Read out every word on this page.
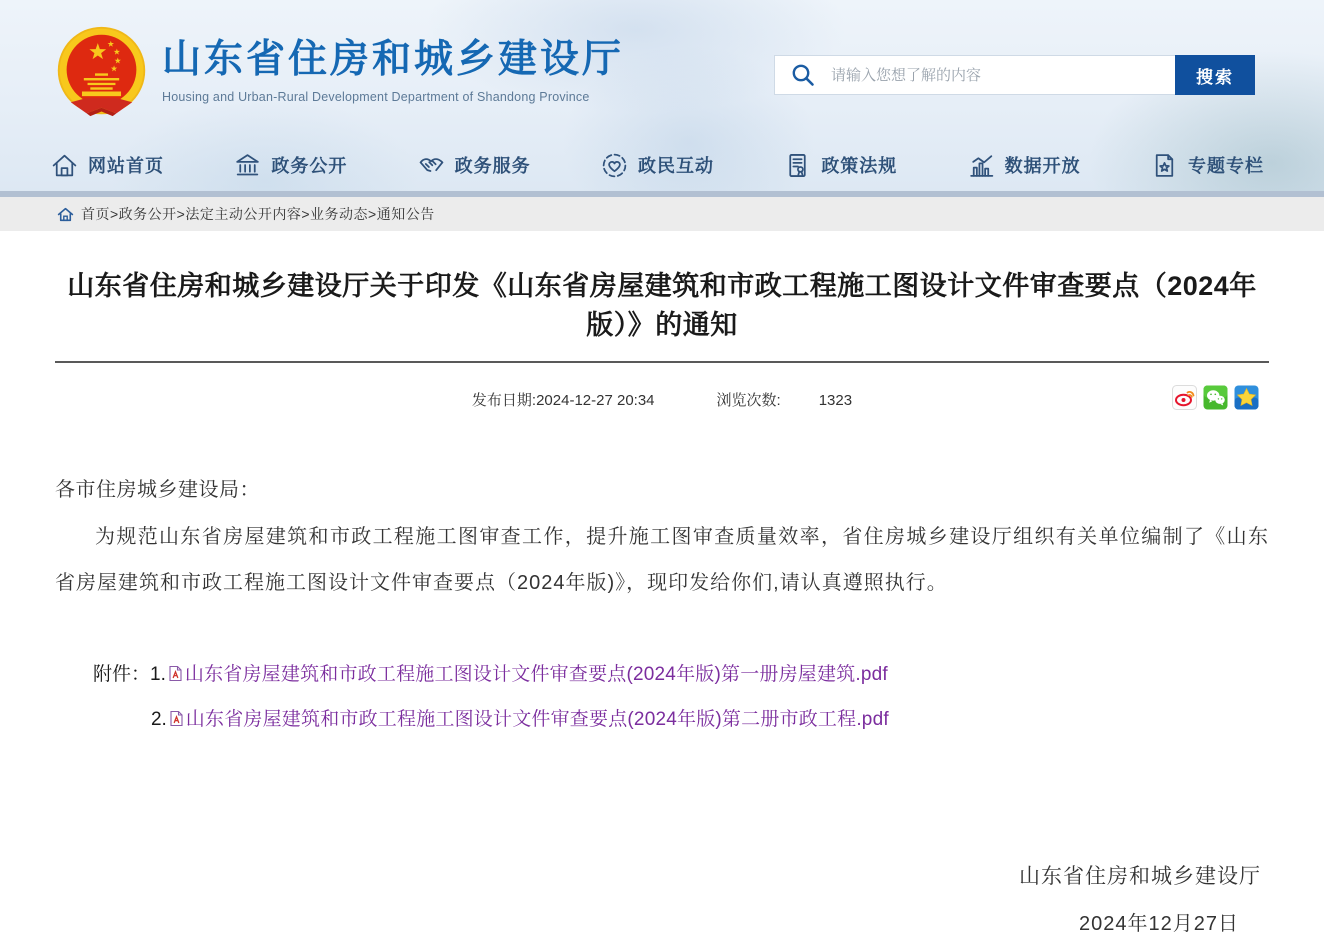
山东省住房和城乡建设厅
Housing and Urban-Rural Development Department of Shandong Province
请输入您想了解的内容
搜索
网站首页	政务公开	政务服务	政民互动	政策法规	数据开放	专题专栏
首页>政务公开>法定主动公开内容>业务动态>通知公告
山东省住房和城乡建设厅关于印发《山东省房屋建筑和市政工程施工图设计文件审查要点（2024年版）》的通知
发布日期:2024-12-27 20:34	浏览次数:	1323

各市住房城乡建设局：

为规范山东省房屋建筑和市政工程施工图审查工作，提升施工图审查质量效率，省住房城乡建设厅组织有关单位编制了《山东省房屋建筑和市政工程施工图设计文件审查要点（2024年版)》，现印发给你们,请认真遵照执行。

附件：1. 山东省房屋建筑和市政工程施工图设计文件审查要点(2024年版)第一册房屋建筑.pdf
2. 山东省房屋建筑和市政工程施工图设计文件审查要点(2024年版)第二册市政工程.pdf
山东省住房和城乡建设厅
2024年12月27日
